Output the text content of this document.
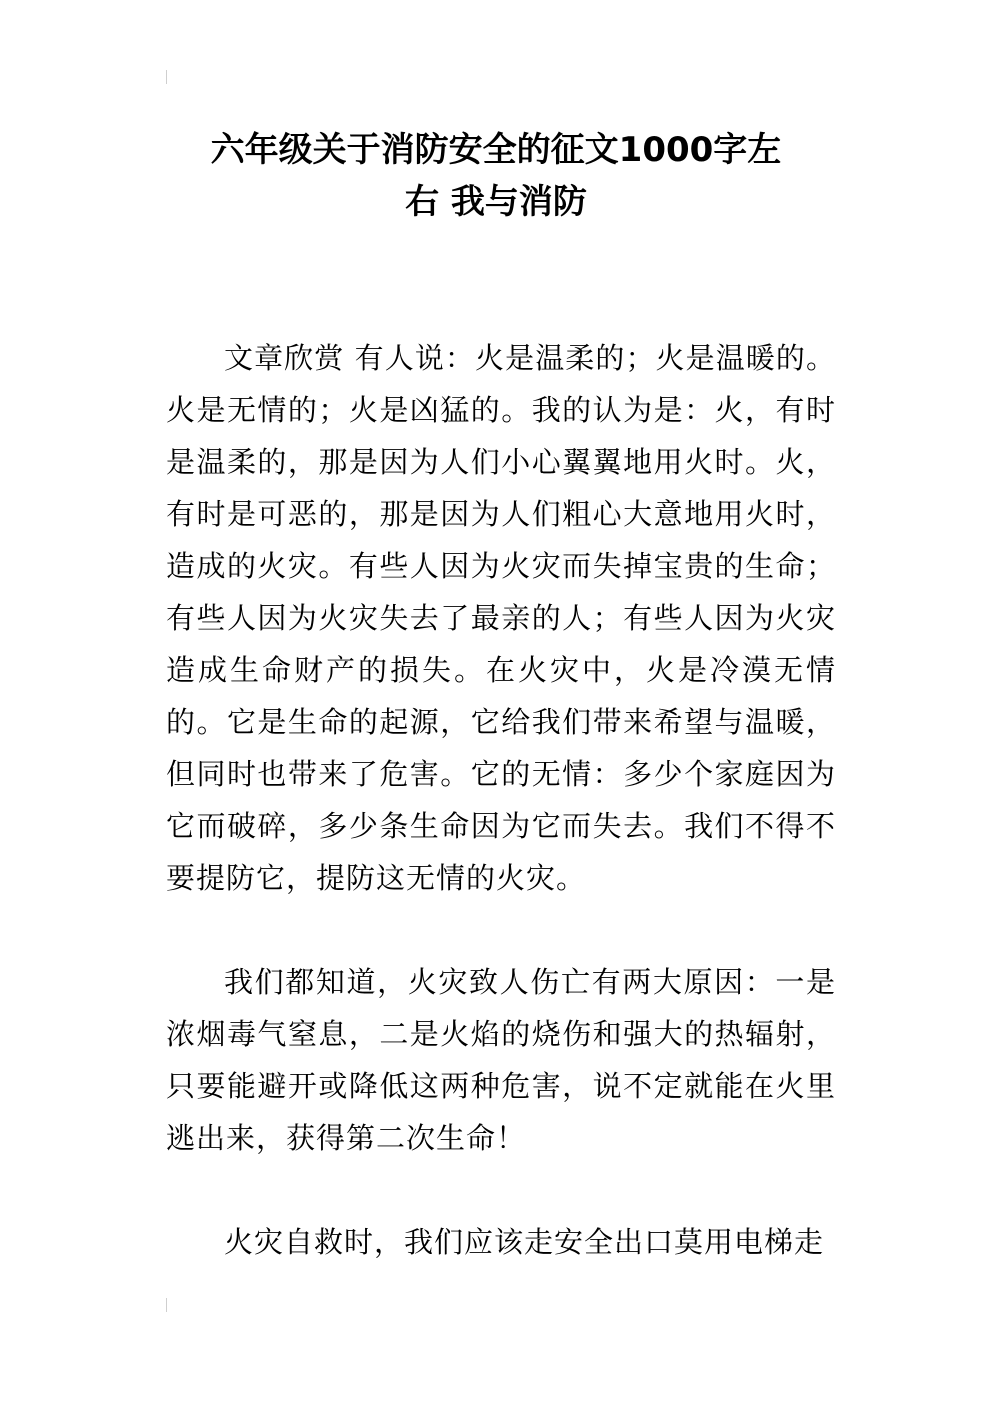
六年级关于消防安全的征文1000字左
右 我与消防

文章欣赏 有人说：火是温柔的；火是温暖的。火是无情的；火是凶猛的。我的认为是：火，有时是温柔的，那是因为人们小心翼翼地用火时。火，有时是可恶的，那是因为人们粗心大意地用火时，造成的火灾。有些人因为火灾而失掉宝贵的生命；有些人因为火灾失去了最亲的人；有些人因为火灾造成生命财产的损失。在火灾中，火是冷漠无情的。它是生命的起源，它给我们带来希望与温暖，但同时也带来了危害。它的无情：多少个家庭因为它而破碎，多少条生命因为它而失去。我们不得不要提防它，提防这无情的火灾。

我们都知道，火灾致人伤亡有两大原因：一是浓烟毒气窒息，二是火焰的烧伤和强大的热辐射，只要能避开或降低这两种危害，说不定就能在火里逃出来，获得第二次生命！

火灾自救时，我们应该走安全出口莫用电梯走
